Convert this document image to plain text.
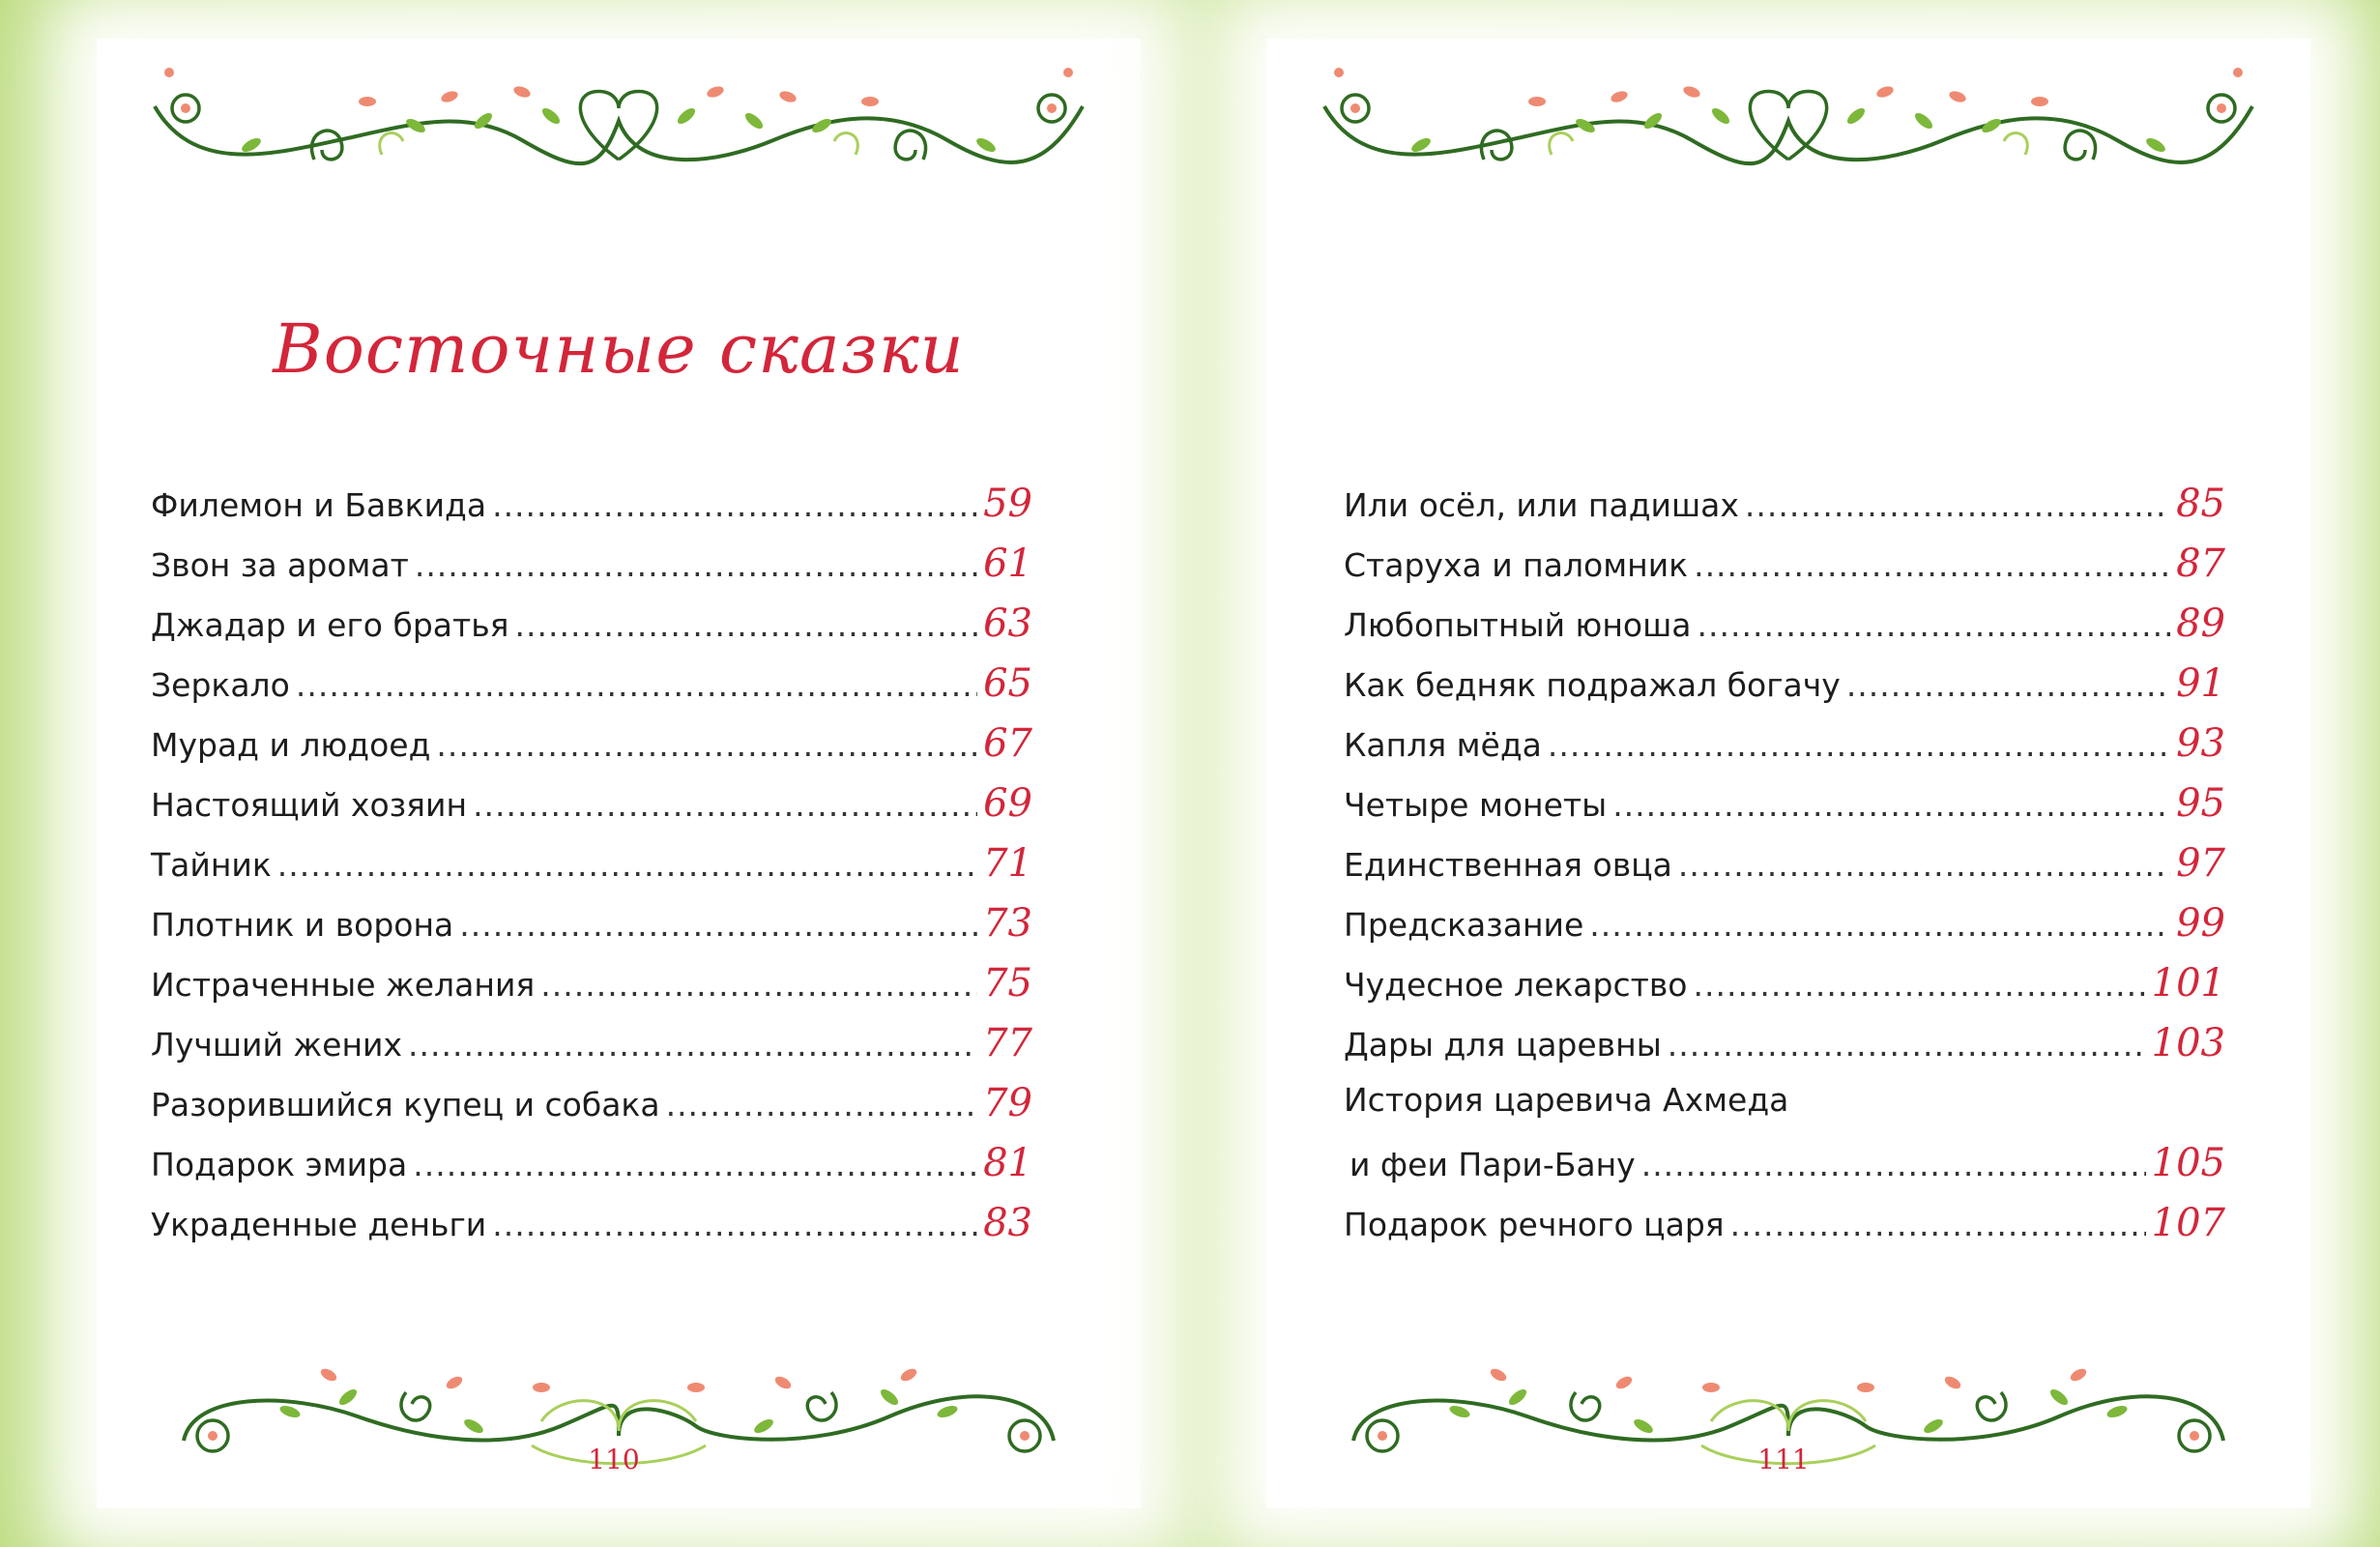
Восточные сказки
Филемон и Бавкида .....	59
Звон за аромат .....	61
Джадар и его братья .....	63
Зеркало .....	65
Мурад и людоед .....	67
Настоящий хозяин .....	69
Тайник .....	71
Плотник и ворона .....	73
Истраченные желания .....	75
Лучший жених .....	77
Разорившийся купец и собака .....	79
Подарок эмира .....	81
Украденные деньги .....	83
110
Или осёл, или падишах .....	85
Старуха и паломник .....	87
Любопытный юноша .....	89
Как бедняк подражал богачу .....	91
Капля мёда .....	93
Четыре монеты .....	95
Единственная овца .....	97
Предсказание .....	99
Чудесное лекарство .....	101
Дары для царевны .....	103
История царевича Ахмеда
и феи Пари-Бану .....	105
Подарок речного царя .....	107
111
